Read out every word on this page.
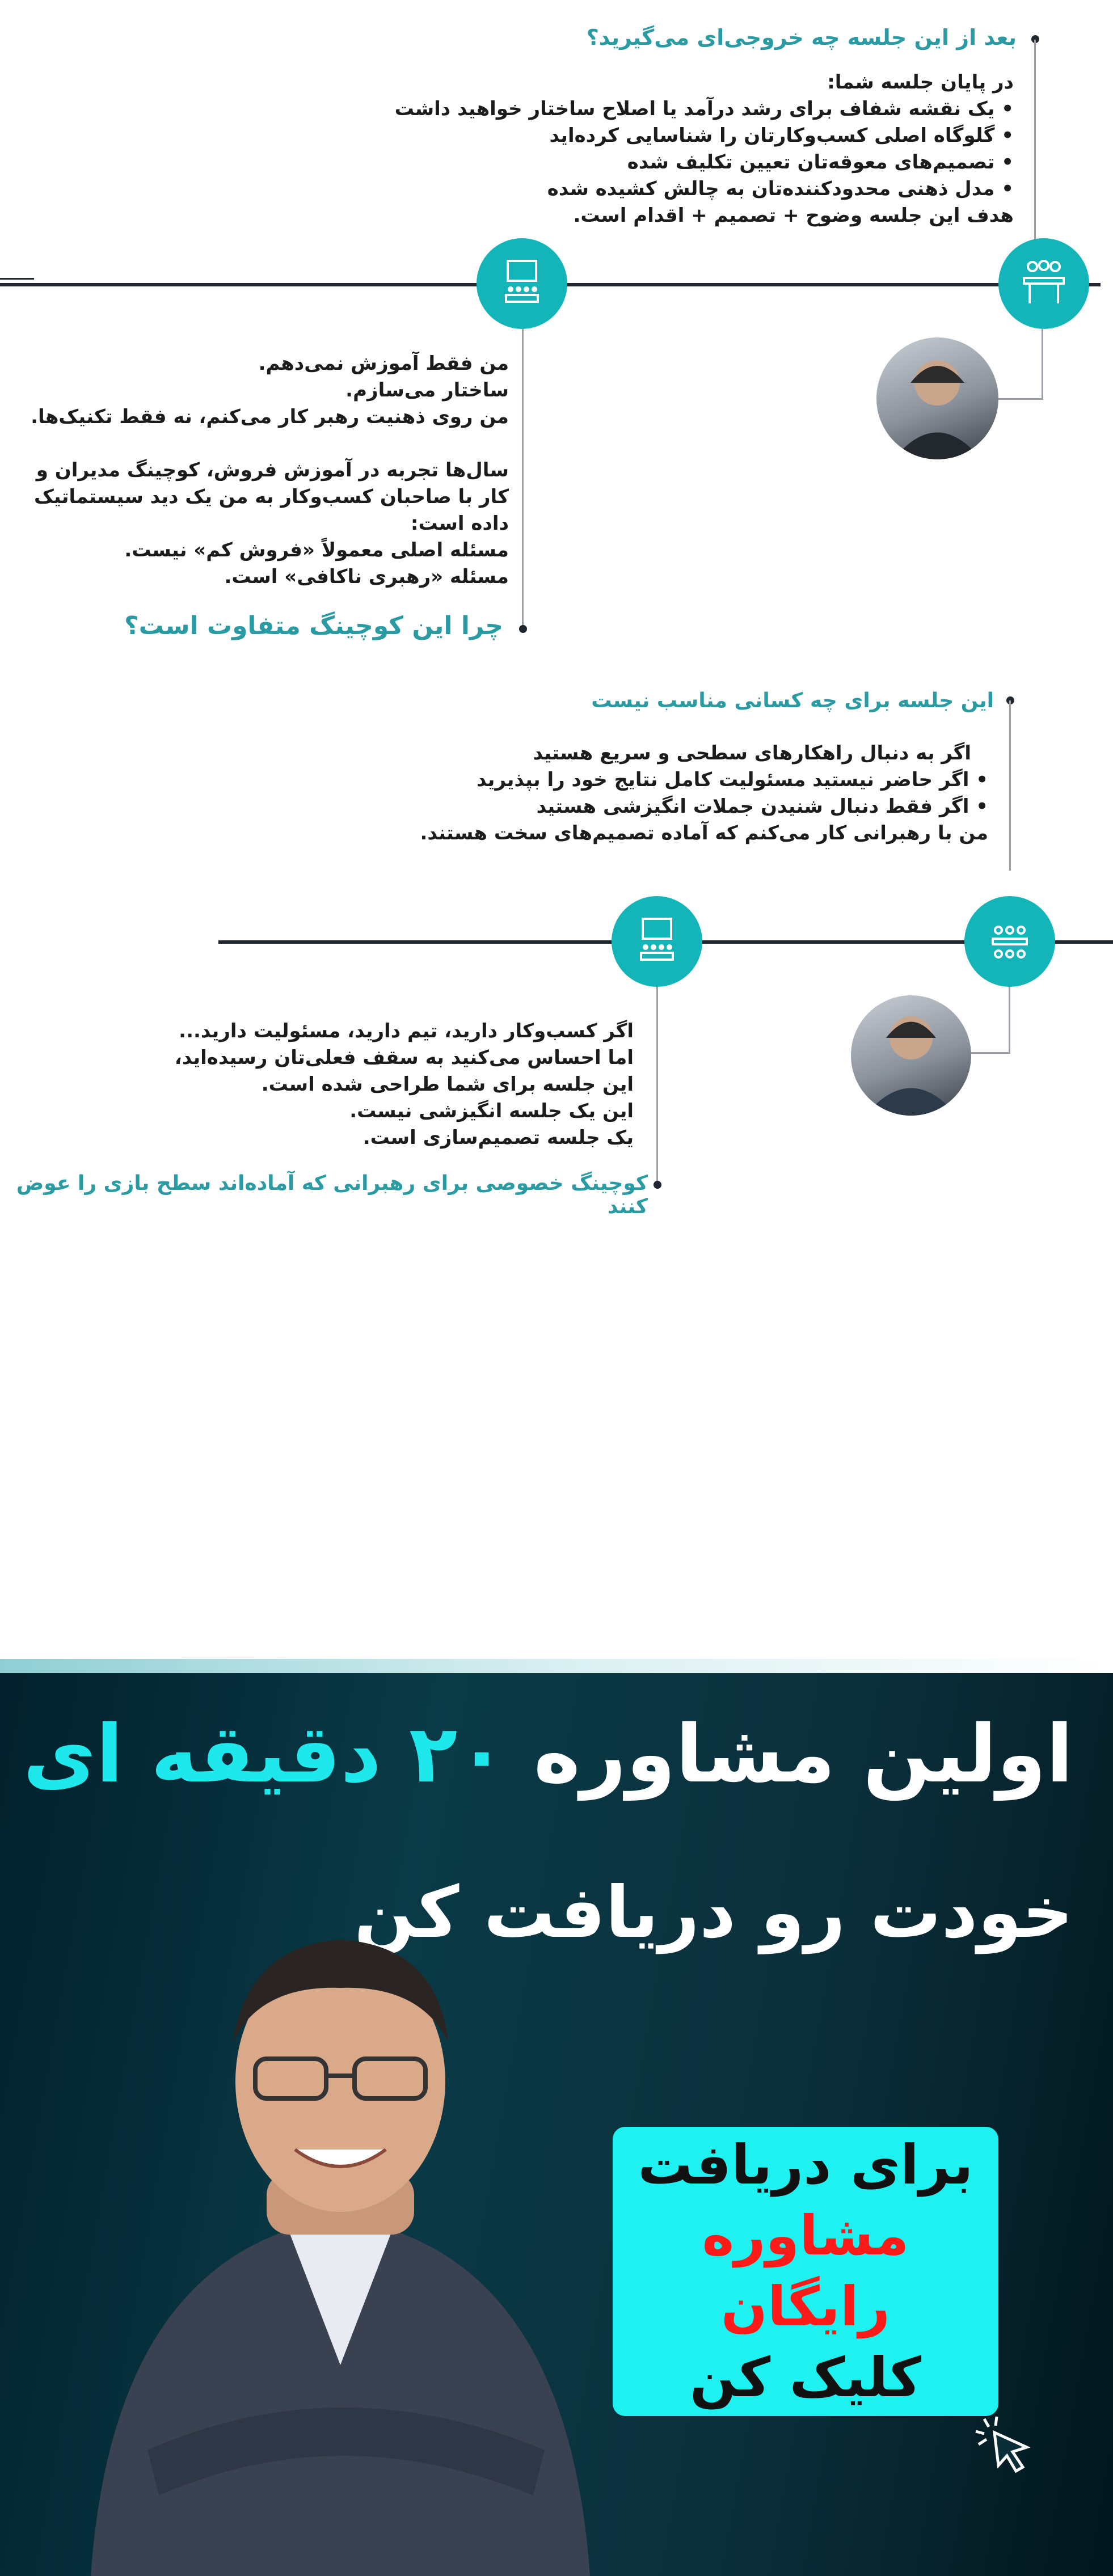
بعد از این جلسه چه خروجی‌ای می‌گیرید؟

در پایان جلسه شما:

• یک نقشه شفاف برای رشد درآمد یا اصلاح ساختار خواهید داشت

• گلوگاه اصلی کسب‌وکارتان را شناسایی کرده‌اید

• تصمیم‌های معوقه‌تان تعیین تکلیف شده

• مدل ذهنی محدودکننده‌تان به چالش کشیده شده

هدف این جلسه وضوح + تصمیم + اقدام است.

من فقط آموزش نمی‌دهم.

ساختار می‌سازم.

من روی ذهنیت رهبر کار می‌کنم، نه فقط تکنیک‌ها.

سال‌ها تجربه در آموزش فروش، کوچینگ مدیران و

کار با صاحبان کسب‌وکار به من یک دید سیستماتیک

داده است:

مسئله اصلی معمولاً «فروش کم» نیست.

مسئله «رهبری ناکافی» است.

چرا این کوچینگ متفاوت است؟
این جلسه برای چه کسانی مناسب نیست

اگر به دنبال راهکارهای سطحی و سریع هستید

• اگر حاضر نیستید مسئولیت کامل نتایج خود را بپذیرید

• اگر فقط دنبال شنیدن جملات انگیزشی هستید

من با رهبرانی کار می‌کنم که آماده تصمیم‌های سخت هستند.

اگر کسب‌وکار دارید، تیم دارید، مسئولیت دارید...

اما احساس می‌کنید به سقف فعلی‌تان رسیده‌اید،

این جلسه برای شما طراحی شده است.

این یک جلسه انگیزشی نیست.

یک جلسه تصمیم‌سازی است.

کوچینگ خصوصی برای رهبرانی که آماده‌اند سطح بازی را عوض کنند
اولین مشاوره ۲۰ دقیقه ای
خودت رو دریافت کن
برای دریافت
مشاوره رایگان
کلیک کن
